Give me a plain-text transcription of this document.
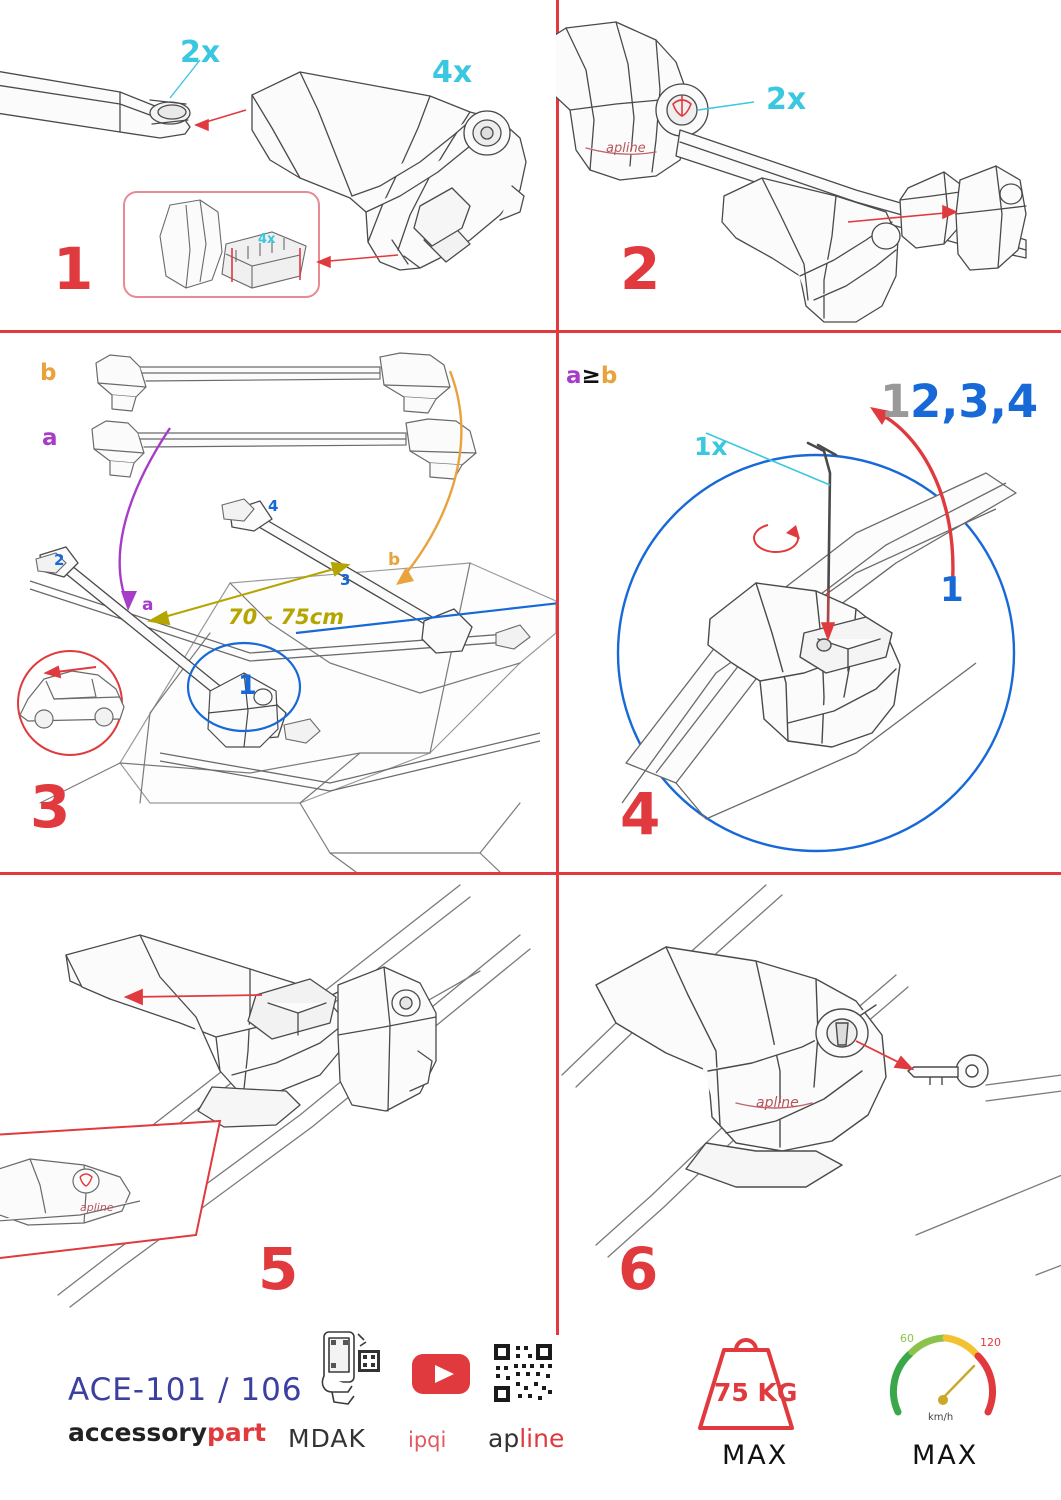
2x
4x
4x
1
apline
2x
2
2
4
3
b
a
a
b
70 - 75cm
1
3
a≥b
1x
1
2,3,4
1
4
apline
5
apline
6
ACE-101 / 106
accessorypart MDAK ipqi apline
75 KG
MAX
60	120
km/h
MAX
